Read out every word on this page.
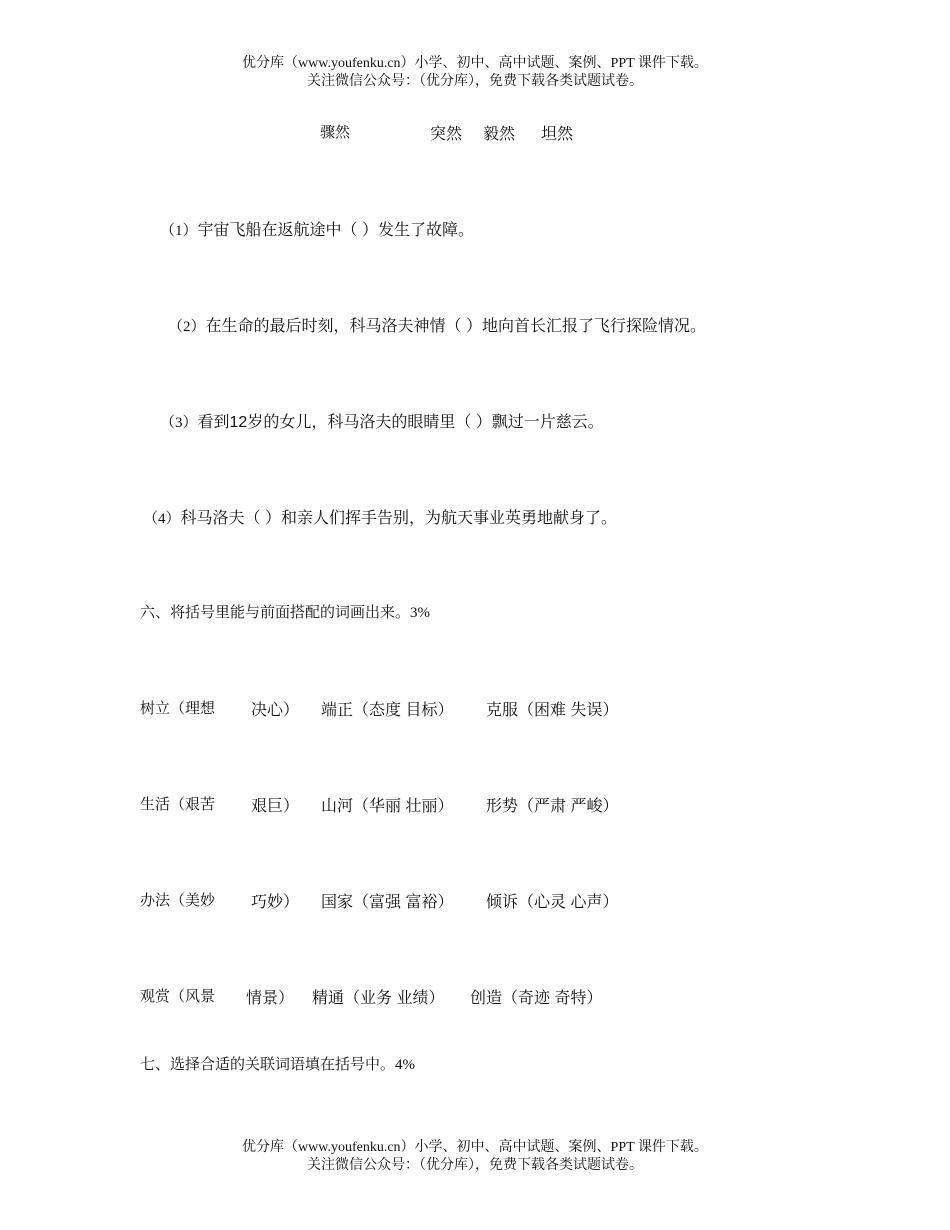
优分库（www.youfenku.cn）小学、初中、高中试题、案例、PPT 课件下载。
关注微信公众号：（优分库），免费下载各类试题试卷。
骤然	突然 毅然 坦然
（1）宇宙飞船在返航途中（ ）发生了故障。
（2）在生命的最后时刻，科马洛夫神情（ ）地向首长汇报了飞行探险情况。
（3）看到12岁的女儿，科马洛夫的眼睛里（ ）飘过一片慈云。
（4）科马洛夫（ ）和亲人们挥手告别，为航天事业英勇地献身了。
六、将括号里能与前面搭配的词画出来。3%
树立（理想 决心） 端正（态度 目标） 克服（困难 失误）
生活（艰苦 艰巨） 山河（华丽 壮丽） 形势（严肃 严峻）
办法（美妙 巧妙） 国家（富强 富裕） 倾诉（心灵 心声）
观赏（风景 情景） 精通（业务 业绩） 创造（奇迹 奇特）
七、选择合适的关联词语填在括号中。4%
优分库（www.youfenku.cn）小学、初中、高中试题、案例、PPT 课件下载。
关注微信公众号：（优分库），免费下载各类试题试卷。
